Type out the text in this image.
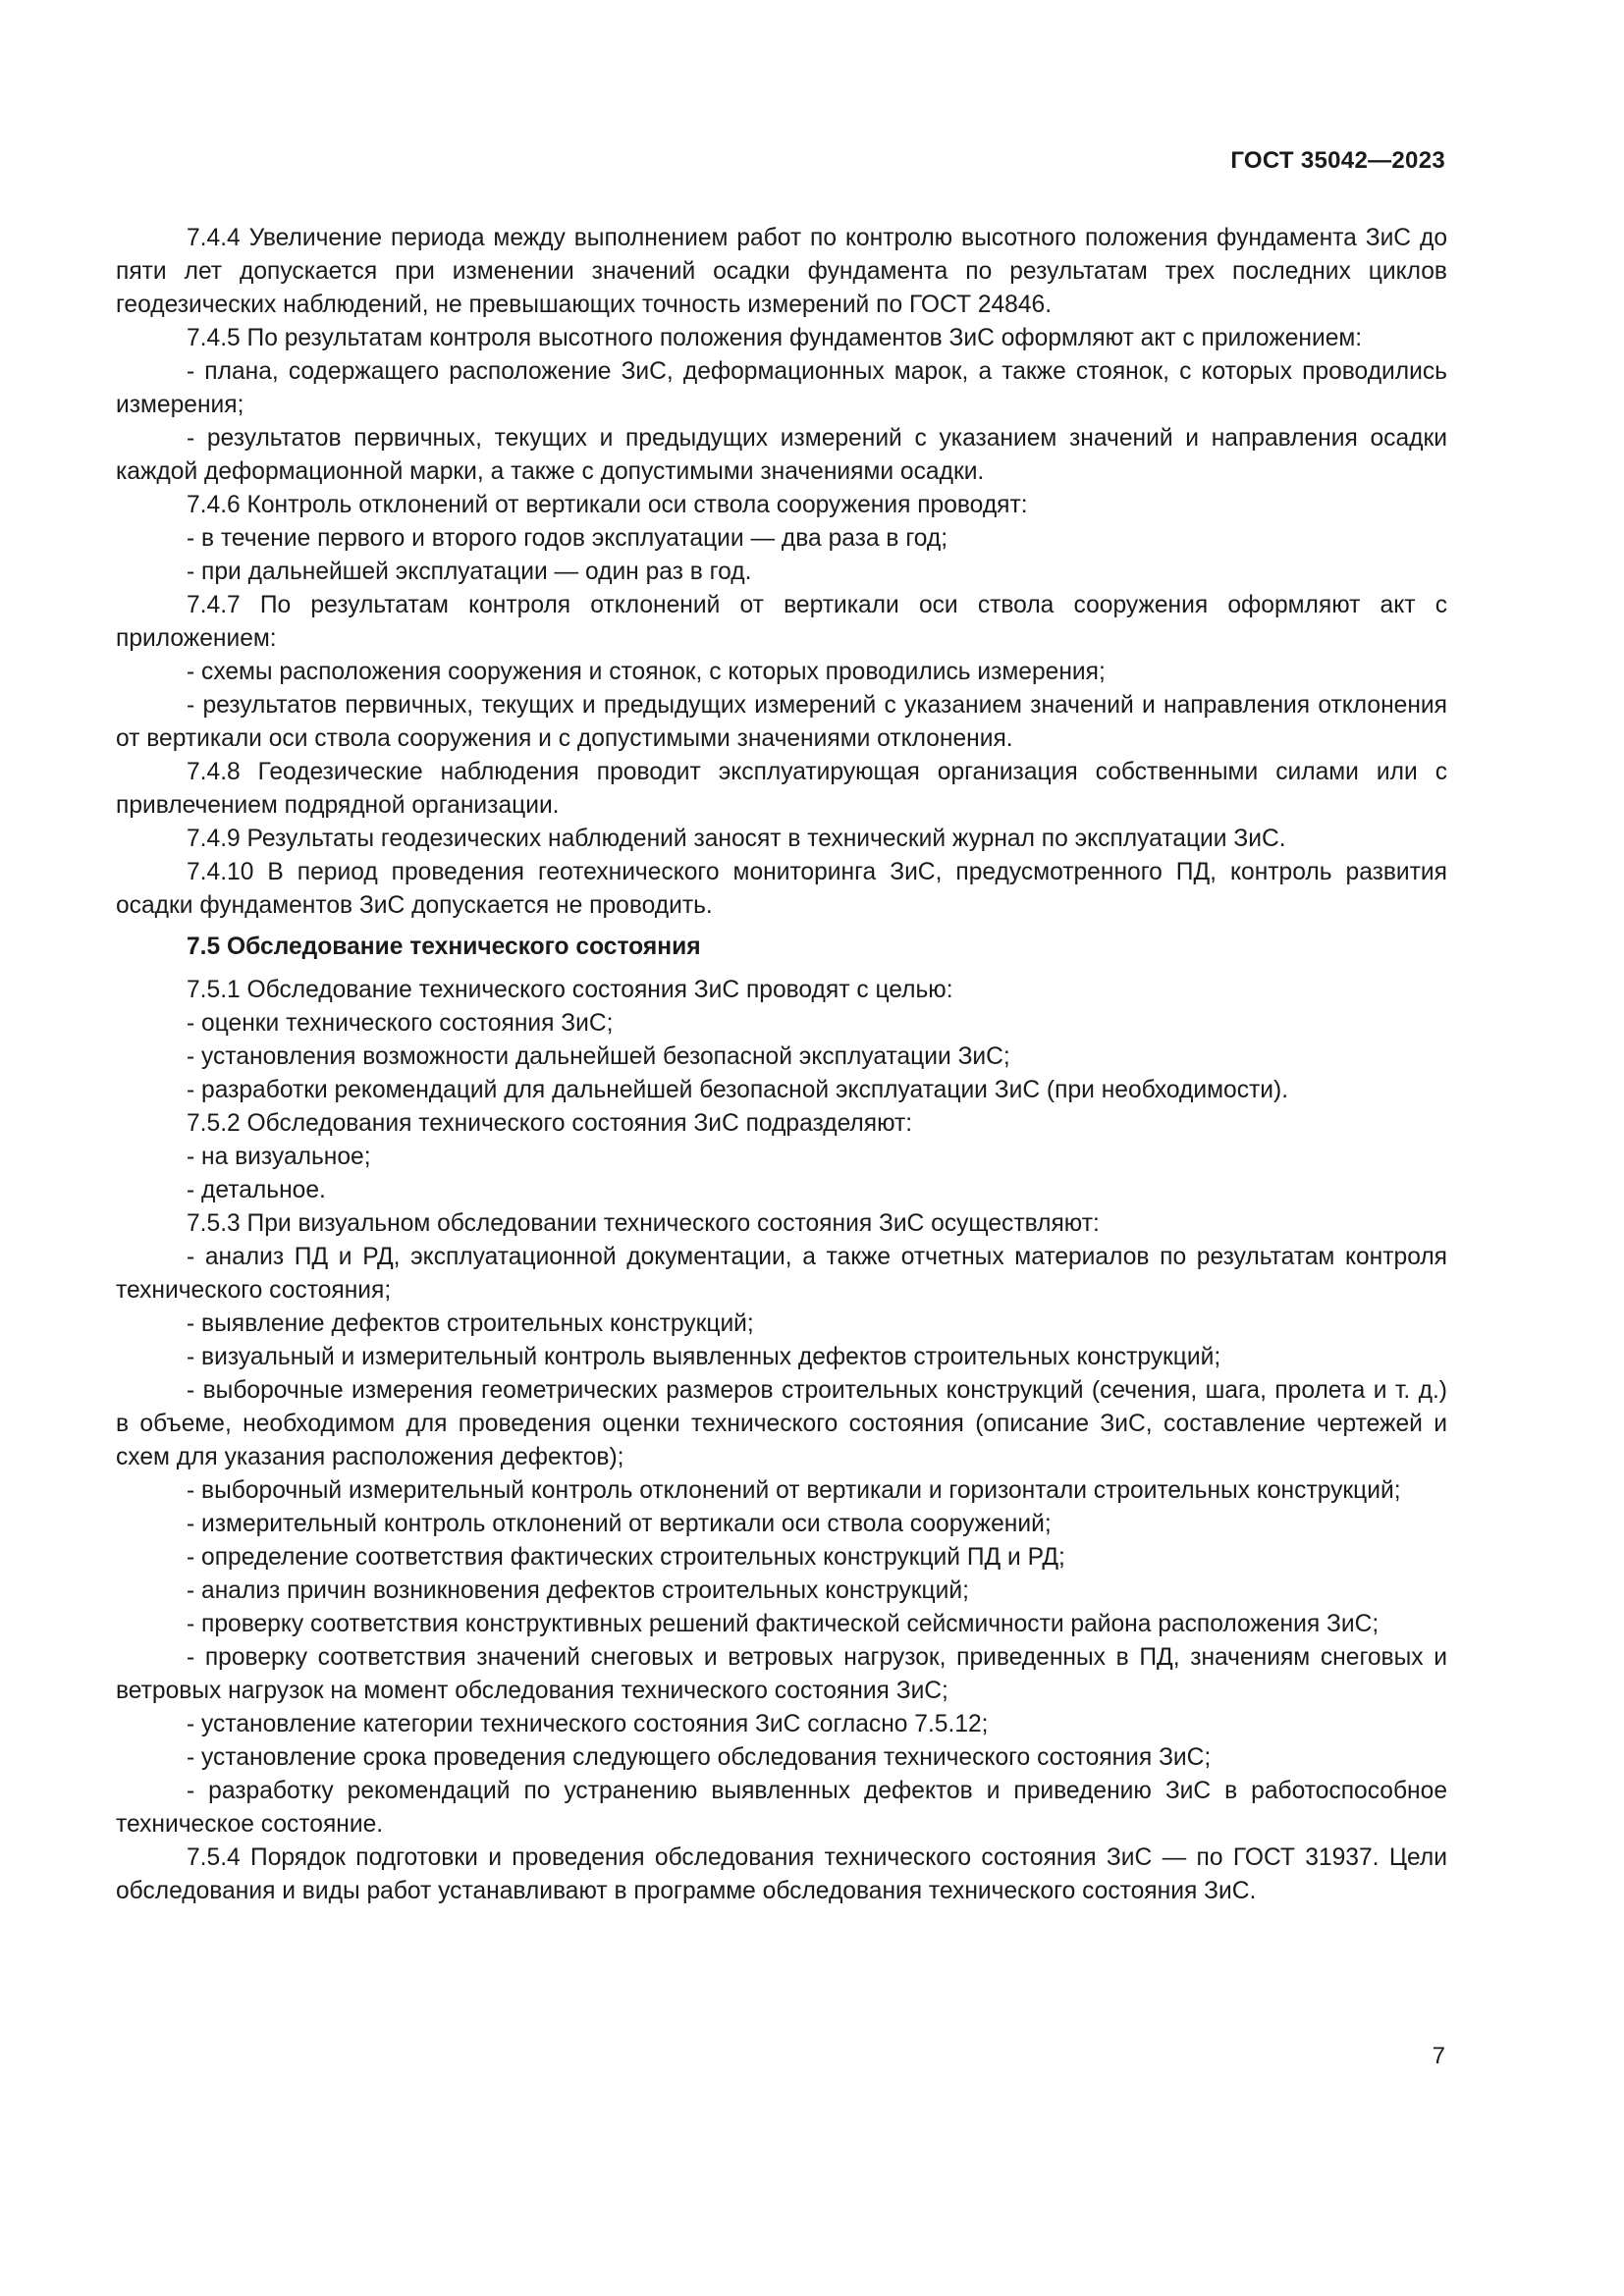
ГОСТ 35042—2023

7.4.4 Увеличение периода между выполнением работ по контролю высотного положения фундамента ЗиС до пяти лет допускается при изменении значений осадки фундамента по результатам трех последних циклов геодезических наблюдений, не превышающих точность измерений по ГОСТ 24846.

7.4.5 По результатам контроля высотного положения фундаментов ЗиС оформляют акт с приложением:

- плана, содержащего расположение ЗиС, деформационных марок, а также стоянок, с которых проводились измерения;

- результатов первичных, текущих и предыдущих измерений с указанием значений и направления осадки каждой деформационной марки, а также с допустимыми значениями осадки.

7.4.6 Контроль отклонений от вертикали оси ствола сооружения проводят:

- в течение первого и второго годов эксплуатации — два раза в год;

- при дальнейшей эксплуатации — один раз в год.

7.4.7 По результатам контроля отклонений от вертикали оси ствола сооружения оформляют акт с приложением:

- схемы расположения сооружения и стоянок, с которых проводились измерения;

- результатов первичных, текущих и предыдущих измерений с указанием значений и направления отклонения от вертикали оси ствола сооружения и с допустимыми значениями отклонения.

7.4.8 Геодезические наблюдения проводит эксплуатирующая организация собственными силами или с привлечением подрядной организации.

7.4.9 Результаты геодезических наблюдений заносят в технический журнал по эксплуатации ЗиС.

7.4.10 В период проведения геотехнического мониторинга ЗиС, предусмотренного ПД, контроль развития осадки фундаментов ЗиС допускается не проводить.

7.5 Обследование технического состояния

7.5.1 Обследование технического состояния ЗиС проводят с целью:

- оценки технического состояния ЗиС;

- установления возможности дальнейшей безопасной эксплуатации ЗиС;

- разработки рекомендаций для дальнейшей безопасной эксплуатации ЗиС (при необходимости).

7.5.2 Обследования технического состояния ЗиС подразделяют:

- на визуальное;

- детальное.

7.5.3 При визуальном обследовании технического состояния ЗиС осуществляют:

- анализ ПД и РД, эксплуатационной документации, а также отчетных материалов по результатам контроля технического состояния;

- выявление дефектов строительных конструкций;

- визуальный и измерительный контроль выявленных дефектов строительных конструкций;

- выборочные измерения геометрических размеров строительных конструкций (сечения, шага, пролета и т. д.) в объеме, необходимом для проведения оценки технического состояния (описание ЗиС, составление чертежей и схем для указания расположения дефектов);

- выборочный измерительный контроль отклонений от вертикали и горизонтали строительных конструкций;

- измерительный контроль отклонений от вертикали оси ствола сооружений;

- определение соответствия фактических строительных конструкций ПД и РД;

- анализ причин возникновения дефектов строительных конструкций;

- проверку соответствия конструктивных решений фактической сейсмичности района расположения ЗиС;

- проверку соответствия значений снеговых и ветровых нагрузок, приведенных в ПД, значениям снеговых и ветровых нагрузок на момент обследования технического состояния ЗиС;

- установление категории технического состояния ЗиС согласно 7.5.12;

- установление срока проведения следующего обследования технического состояния ЗиС;

- разработку рекомендаций по устранению выявленных дефектов и приведению ЗиС в работоспособное техническое состояние.

7.5.4 Порядок подготовки и проведения обследования технического состояния ЗиС — по ГОСТ 31937. Цели обследования и виды работ устанавливают в программе обследования технического состояния ЗиС.

7
